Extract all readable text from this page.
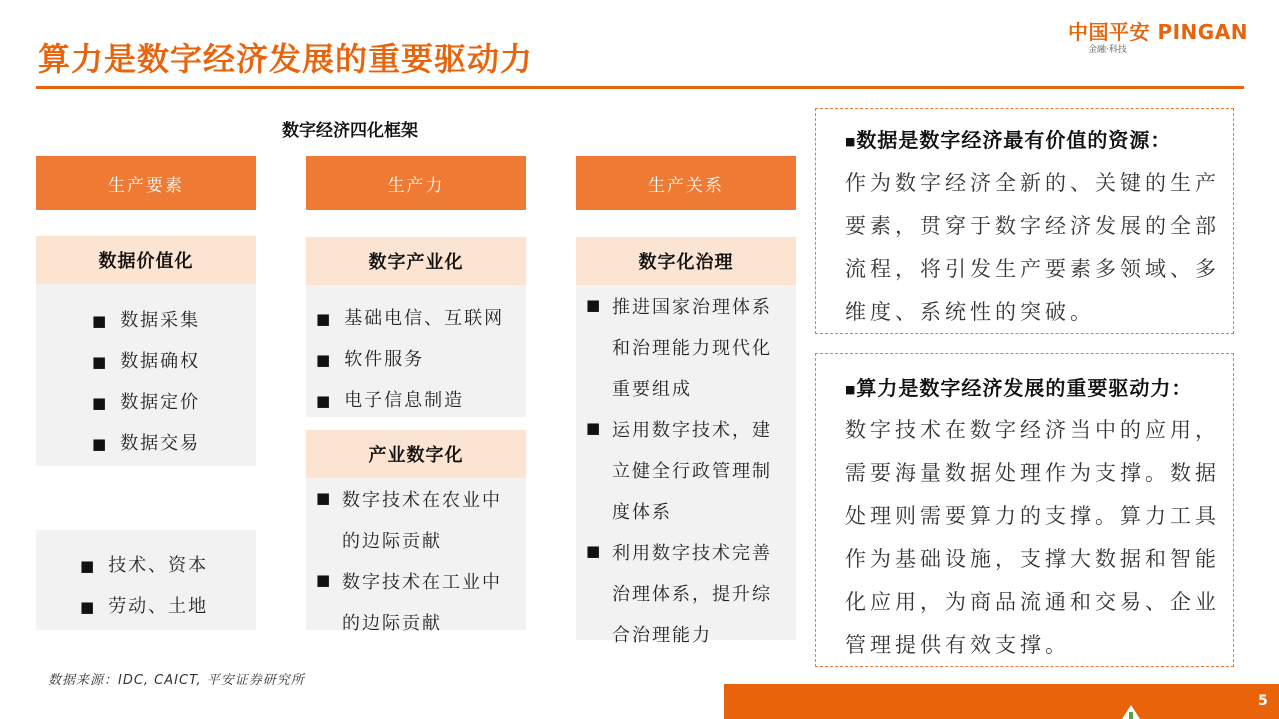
算力是数字经济发展的重要驱动力
中国平安 PINGAN
金融·科技
数字经济四化框架
生产要素
数据价值化
■ 数据采集
■ 数据确权
■ 数据定价
■ 数据交易
■ 技术、资本
■ 劳动、土地
生产力
数字产业化
■ 基础电信、互联网
■ 软件服务
■ 电子信息制造
产业数字化
■ 数字技术在农业中
的边际贡献
■ 数字技术在工业中
的边际贡献
生产关系
数字化治理
■ 推进国家治理体系
和治理能力现代化
重要组成
■ 运用数字技术，建
立健全行政管理制
度体系
■ 利用数字技术完善
治理体系，提升综
合治理能力
■数据是数字经济最有价值的资源：
作为数字经济全新的、关键的生产
要素，贯穿于数字经济发展的全部
流程，将引发生产要素多领域、多
维度、系统性的突破。
■算力是数字经济发展的重要驱动力：
数字技术在数字经济当中的应用，
需要海量数据处理作为支撑。数据
处理则需要算力的支撑。算力工具
作为基础设施，支撑大数据和智能
化应用，为商品流通和交易、企业
管理提供有效支撑。
数据来源：IDC, CAICT, 平安证券研究所
5
